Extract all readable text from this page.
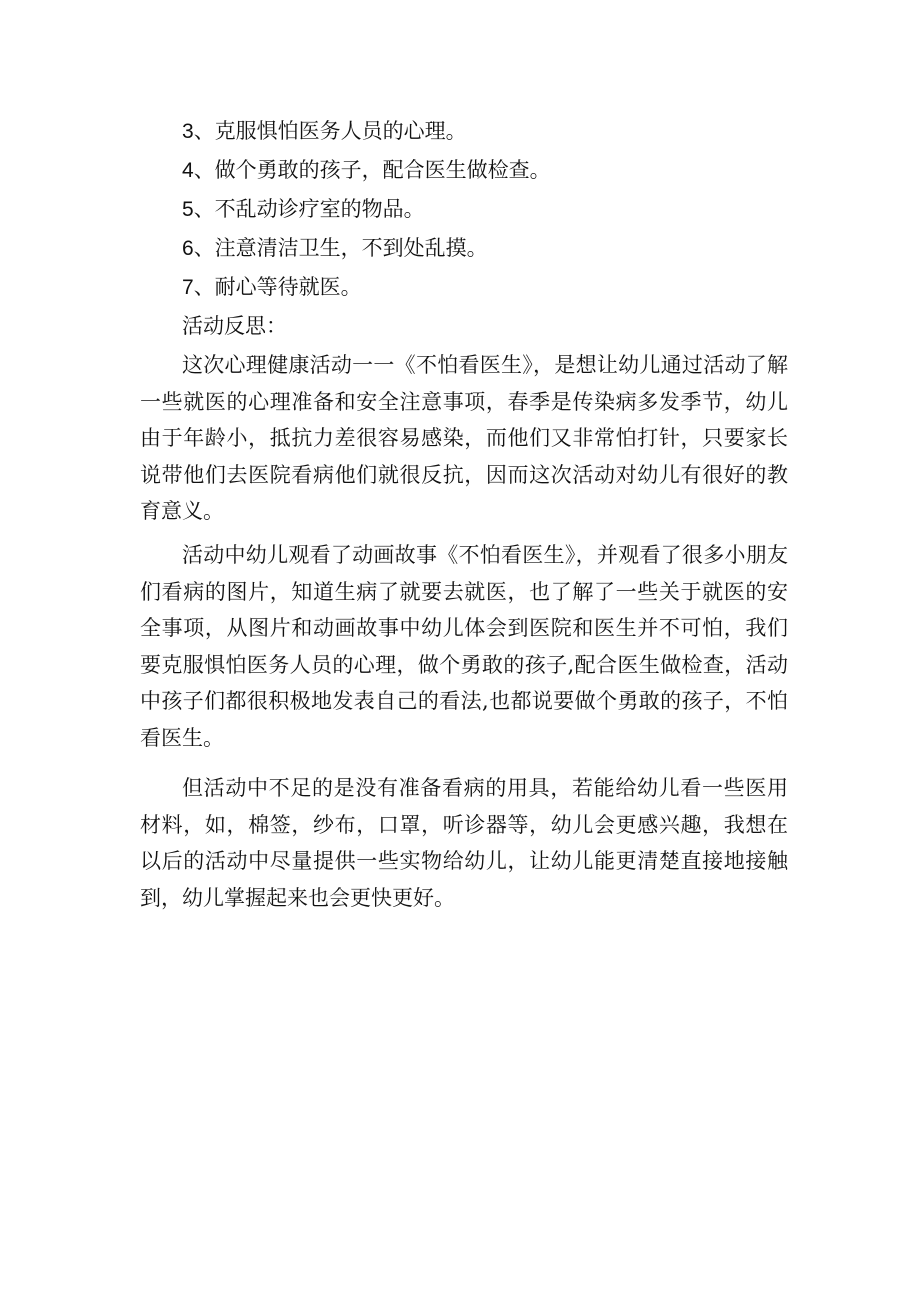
3、克服惧怕医务人员的心理。
4、做个勇敢的孩子，配合医生做检查。
5、不乱动诊疗室的物品。
6、注意清洁卫生，不到处乱摸。
7、耐心等待就医。
活动反思：

这次心理健康活动一一《不怕看医生》，是想让幼儿通过活动了解一些就医的心理准备和安全注意事项，春季是传染病多发季节，幼儿由于年龄小，抵抗力差很容易感染，而他们又非常怕打针，只要家长说带他们去医院看病他们就很反抗，因而这次活动对幼儿有很好的教育意义。

活动中幼儿观看了动画故事《不怕看医生》，并观看了很多小朋友们看病的图片，知道生病了就要去就医，也了解了一些关于就医的安全事项，从图片和动画故事中幼儿体会到医院和医生并不可怕，我们要克服惧怕医务人员的心理，做个勇敢的孩子,配合医生做检查，活动中孩子们都很积极地发表自己的看法,也都说要做个勇敢的孩子，不怕看医生。

但活动中不足的是没有准备看病的用具，若能给幼儿看一些医用材料，如，棉签，纱布，口罩，听诊器等，幼儿会更感兴趣，我想在以后的活动中尽量提供一些实物给幼儿，让幼儿能更清楚直接地接触到，幼儿掌握起来也会更快更好。
